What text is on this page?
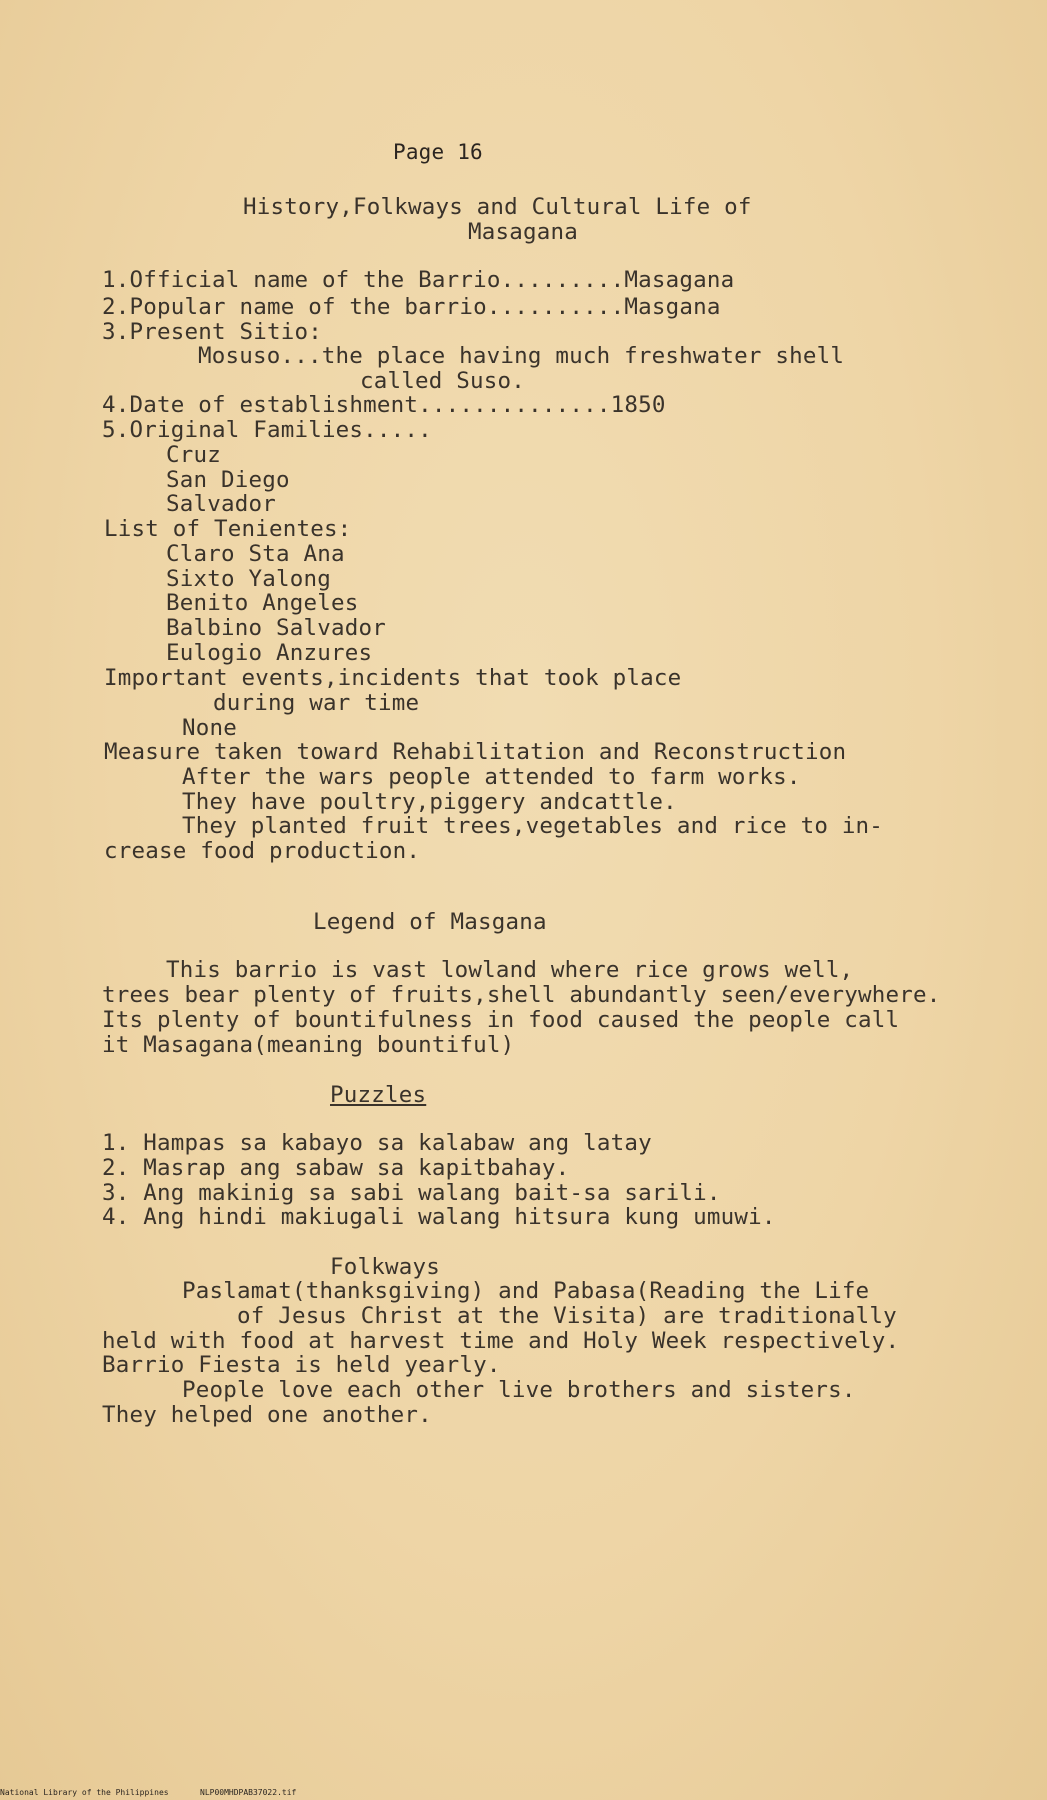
Page 16
History,Folkways and Cultural Life of
Masagana
1.Official name of the Barrio.........Masagana
2.Popular name of the barrio..........Masgana
3.Present Sitio:
Mosuso...the place having much freshwater shell
called Suso.
4.Date of establishment..............1850
5.Original Families.....
Cruz
San Diego
Salvador
List of Tenientes:
Claro Sta Ana
Sixto Yalong
Benito Angeles
Balbino Salvador
Eulogio Anzures
Important events,incidents that took place
during war time
None
Measure taken toward Rehabilitation and Reconstruction
After the wars people attended to farm works.
They have poultry,piggery andcattle.
They planted fruit trees,vegetables and rice to in-
crease food production.
Legend of Masgana
This barrio is vast lowland where rice grows well,
trees bear plenty of fruits,shell abundantly seen/everywhere.
Its plenty of bountifulness in food caused the people call
it Masagana(meaning bountiful)
Puzzles
1. Hampas sa kabayo sa kalabaw ang latay
2. Masrap ang sabaw sa kapitbahay.
3. Ang makinig sa sabi walang bait-sa sarili.
4. Ang hindi makiugali walang hitsura kung umuwi.
Folkways
Paslamat(thanksgiving) and Pabasa(Reading the Life
of Jesus Christ at the Visita) are traditionally
held with food at harvest time and Holy Week respectively.
Barrio Fiesta is held yearly.
People love each other live brothers and sisters.
They helped one another.
National Library of the Philippines	NLP00MHDPAB37022.tif
